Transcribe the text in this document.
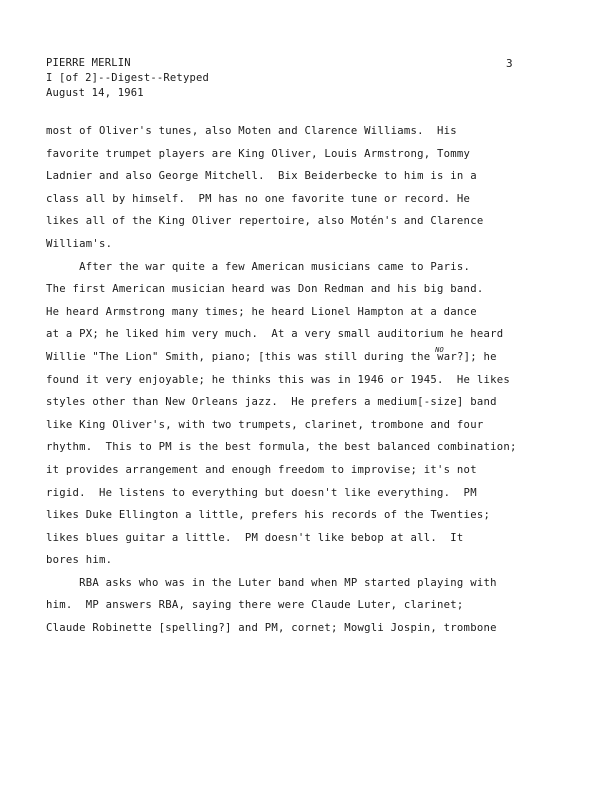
PIERRE MERLIN
I [of 2]--Digest--Retyped
August 14, 1961
3
most of Oliver's tunes, also Moten and Clarence Williams.  His
favorite trumpet players are King Oliver, Louis Armstrong, Tommy
Ladnier and also George Mitchell.  Bix Beiderbecke to him is in a
class all by himself.  PM has no one favorite tune or record. He
likes all of the King Oliver repertoire, also Motén's and Clarence
William's.
After the war quite a few American musicians came to Paris.
The first American musician heard was Don Redman and his big band.
He heard Armstrong many times; he heard Lionel Hampton at a dance
at a PX; he liked him very much.  At a very small auditorium he heard
Willie "The Lion" Smith, piano; [this was still during the NOwar?]; he
found it very enjoyable; he thinks this was in 1946 or 1945.  He likes
styles other than New Orleans jazz.  He prefers a medium[-size] band
like King Oliver's, with two trumpets, clarinet, trombone and four
rhythm.  This to PM is the best formula, the best balanced combination;
it provides arrangement and enough freedom to improvise; it's not
rigid.  He listens to everything but doesn't like everything.  PM
likes Duke Ellington a little, prefers his records of the Twenties;
likes blues guitar a little.  PM doesn't like bebop at all.  It
bores him.
RBA asks who was in the Luter band when MP started playing with
him.  MP answers RBA, saying there were Claude Luter, clarinet;
Claude Robinette [spelling?] and PM, cornet; Mowgli Jospin, trombone
